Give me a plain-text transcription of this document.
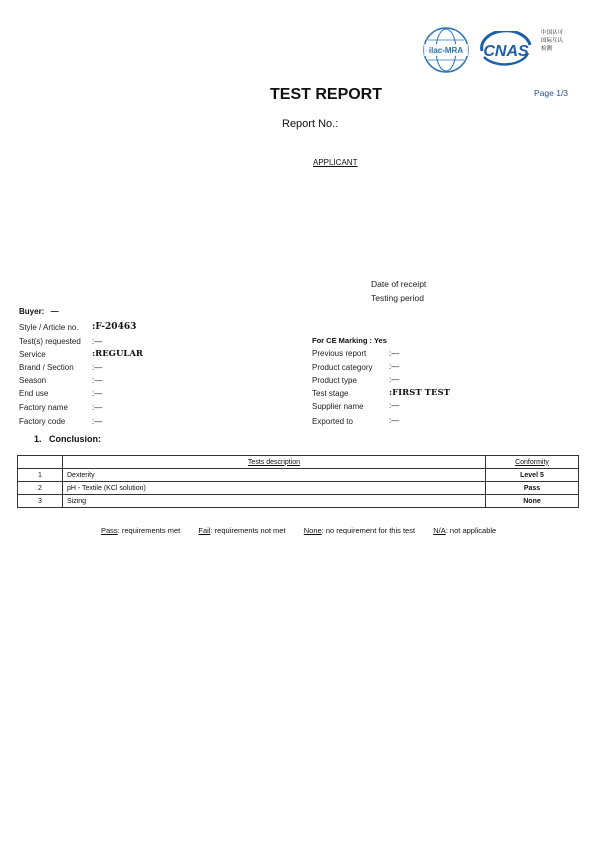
ilac-MRA CNAS
中国认可
国际互认
检测
TEST REPORT	Page 1/3
Report No.:
APPLICANT
Date of receipt
Testing period
Buyer: —
Style / Article no. :F-20463
Test(s) requested :—
Service	:REGULAR
Brand / Section :—
Season	:—
End use	:—
Factory name	:—
Factory code	:—
For CE Marking : Yes
Previous report	:—
Product category :—
Product type	:—
Test stage	:FIRST TEST
Supplier name	:—
Exported to	:—
1.   Conclusion:
	Tests description	Conformity
1	Dexterity	Level 5
2	pH - Textile (KCl solution)	Pass
3	Sizing	None
Pass: requirements met Fail: requirements not met None: no requirement for this test N/A: not applicable
